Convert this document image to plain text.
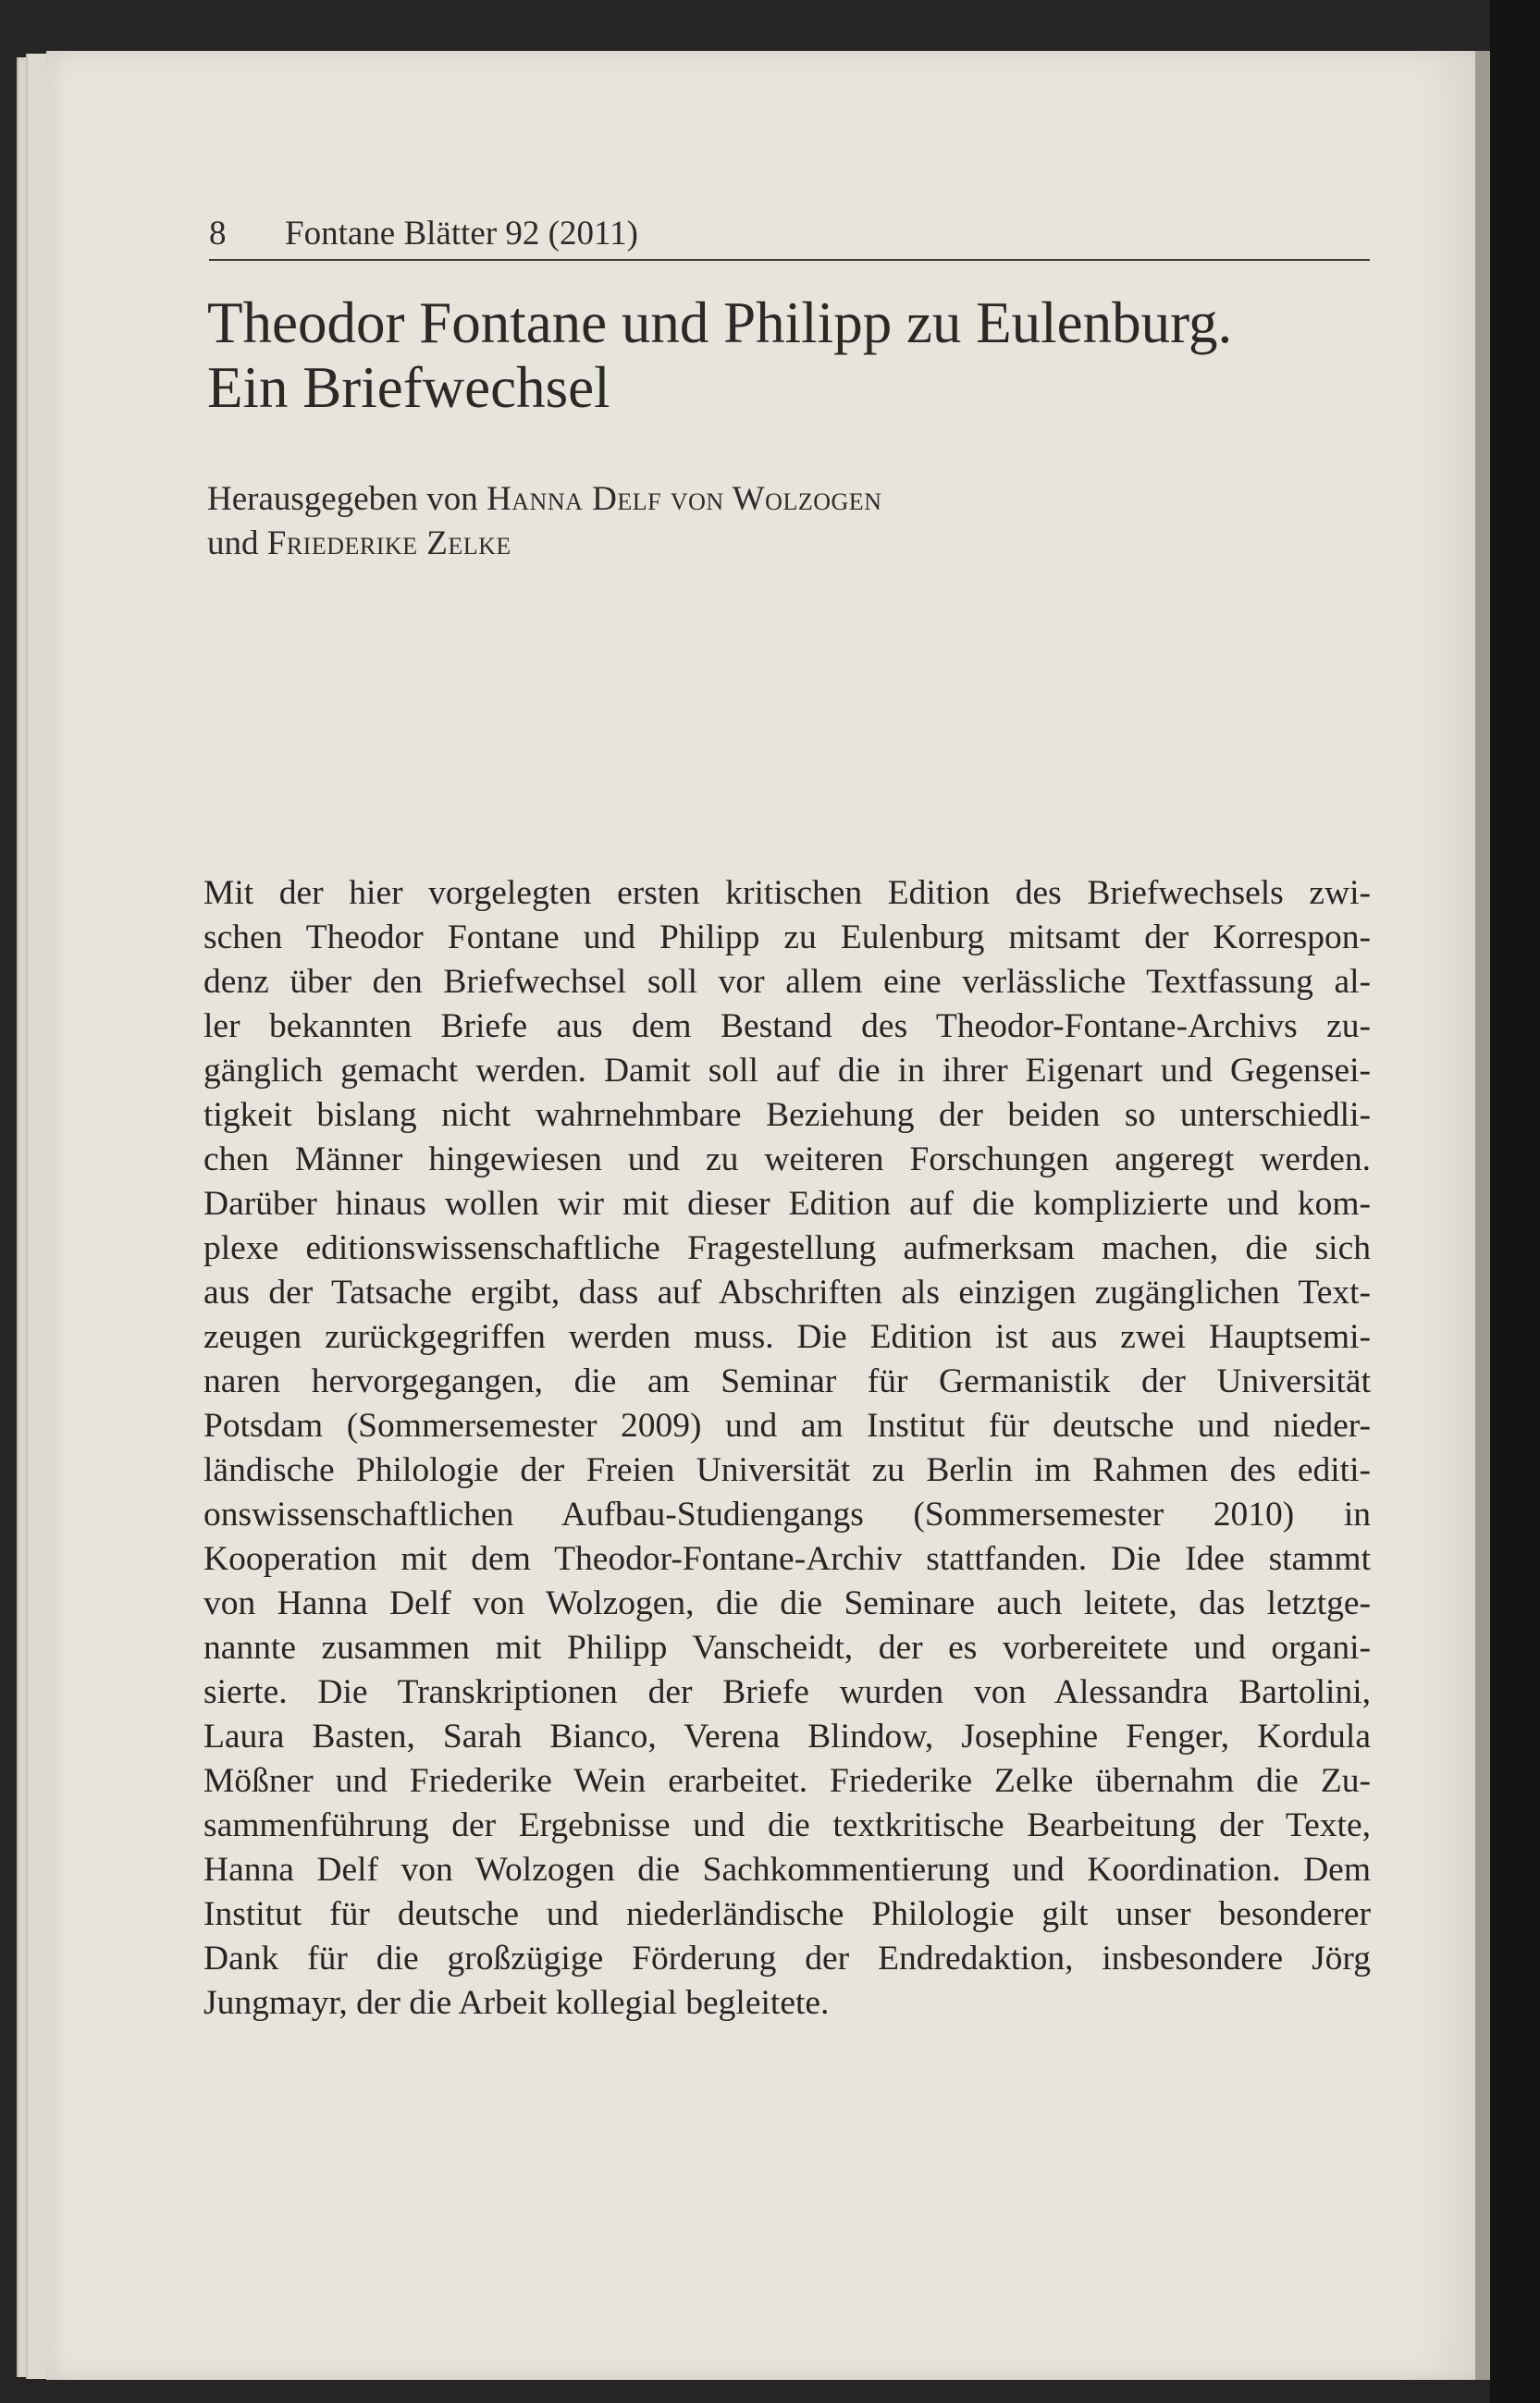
8 Fontane Blätter 92 (2011)
Theodor Fontane und Philipp zu Eulenburg.
Ein Briefwechsel
Herausgegeben von Hanna Delf von Wolzogen
und Friederike Zelke
Mit der hier vorgelegten ersten kritischen Edition des Briefwechsels zwi-
schen Theodor Fontane und Philipp zu Eulenburg mitsamt der Korrespon-
denz über den Briefwechsel soll vor allem eine verlässliche Textfassung al-
ler bekannten Briefe aus dem Bestand des Theodor-Fontane-Archivs zu-
gänglich gemacht werden. Damit soll auf die in ihrer Eigenart und Gegensei-
tigkeit bislang nicht wahrnehmbare Beziehung der beiden so unterschiedli-
chen Männer hingewiesen und zu weiteren Forschungen angeregt werden.
Darüber hinaus wollen wir mit dieser Edition auf die komplizierte und kom-
plexe editionswissenschaftliche Fragestellung aufmerksam machen, die sich
aus der Tatsache ergibt, dass auf Abschriften als einzigen zugänglichen Text-
zeugen zurückgegriffen werden muss. Die Edition ist aus zwei Hauptsemi-
naren hervorgegangen, die am Seminar für Germanistik der Universität
Potsdam (Sommersemester 2009) und am Institut für deutsche und nieder-
ländische Philologie der Freien Universität zu Berlin im Rahmen des editi-
onswissenschaftlichen Aufbau-Studiengangs (Sommersemester 2010) in
Kooperation mit dem Theodor-Fontane-Archiv stattfanden. Die Idee stammt
von Hanna Delf von Wolzogen, die die Seminare auch leitete, das letztge-
nannte zusammen mit Philipp Vanscheidt, der es vorbereitete und organi-
sierte. Die Transkriptionen der Briefe wurden von Alessandra Bartolini,
Laura Basten, Sarah Bianco, Verena Blindow, Josephine Fenger, Kordula
Mößner und Friederike Wein erarbeitet. Friederike Zelke übernahm die Zu-
sammenführung der Ergebnisse und die textkritische Bearbeitung der Texte,
Hanna Delf von Wolzogen die Sachkommentierung und Koordination. Dem
Institut für deutsche und niederländische Philologie gilt unser besonderer
Dank für die großzügige Förderung der Endredaktion, insbesondere Jörg
Jungmayr, der die Arbeit kollegial begleitete.
